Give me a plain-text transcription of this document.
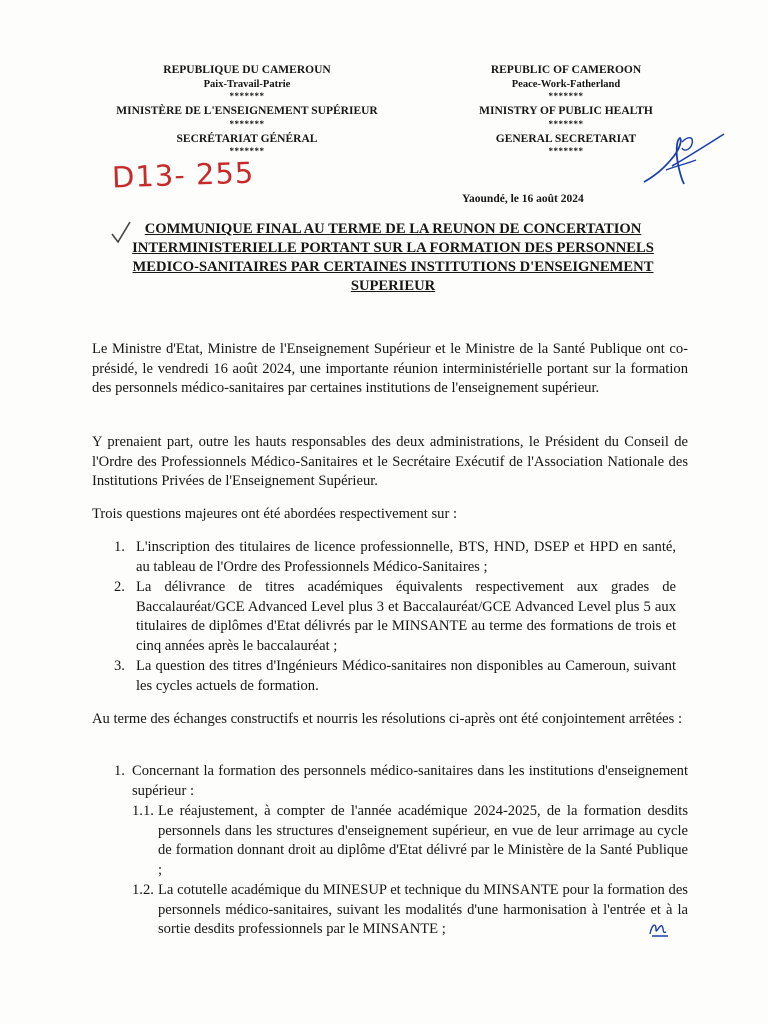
REPUBLIQUE DU CAMEROUN
Paix-Travail-Patrie
*******
MINISTÈRE DE L'ENSEIGNEMENT SUPÉRIEUR
*******
SECRÉTARIAT GÉNÉRAL
*******
REPUBLIC OF CAMEROON
Peace-Work-Fatherland
*******
MINISTRY OF PUBLIC HEALTH
*******
GENERAL SECRETARIAT
*******
D13- 255
Yaoundé, le 16 août 2024
COMMUNIQUE FINAL AU TERME DE LA REUNON DE CONCERTATION INTERMINISTERIELLE PORTANT SUR LA FORMATION DES PERSONNELS MEDICO-SANITAIRES PAR CERTAINES INSTITUTIONS D'ENSEIGNEMENT SUPERIEUR
Le Ministre d'Etat, Ministre de l'Enseignement Supérieur et le Ministre de la Santé Publique ont co-présidé, le vendredi 16 août 2024, une importante réunion interministérielle portant sur la formation des personnels médico-sanitaires par certaines institutions de l'enseignement supérieur.
Y prenaient part, outre les hauts responsables des deux administrations, le Président du Conseil de l'Ordre des Professionnels Médico-Sanitaires et le Secrétaire Exécutif de l'Association Nationale des Institutions Privées de l'Enseignement Supérieur.
Trois questions majeures ont été abordées respectivement sur :
1. L'inscription des titulaires de licence professionnelle, BTS, HND, DSEP et HPD en santé, au tableau de l'Ordre des Professionnels Médico-Sanitaires ;
2. La délivrance de titres académiques équivalents respectivement aux grades de Baccalauréat/GCE Advanced Level plus 3 et Baccalauréat/GCE Advanced Level plus 5 aux titulaires de diplômes d'Etat délivrés par le MINSANTE au terme des formations de trois et cinq années après le baccalauréat ;
3. La question des titres d'Ingénieurs Médico-sanitaires non disponibles au Cameroun, suivant les cycles actuels de formation.
Au terme des échanges constructifs et nourris les résolutions ci-après ont été conjointement arrêtées :
1. Concernant la formation des personnels médico-sanitaires dans les institutions d'enseignement supérieur :
1.1. Le réajustement, à compter de l'année académique 2024-2025, de la formation desdits personnels dans les structures d'enseignement supérieur, en vue de leur arrimage au cycle de formation donnant droit au diplôme d'Etat délivré par le Ministère de la Santé Publique ;
1.2. La cotutelle académique du MINESUP et technique du MINSANTE pour la formation des personnels médico-sanitaires, suivant les modalités d'une harmonisation à l'entrée et à la sortie desdits professionnels par le MINSANTE ;
